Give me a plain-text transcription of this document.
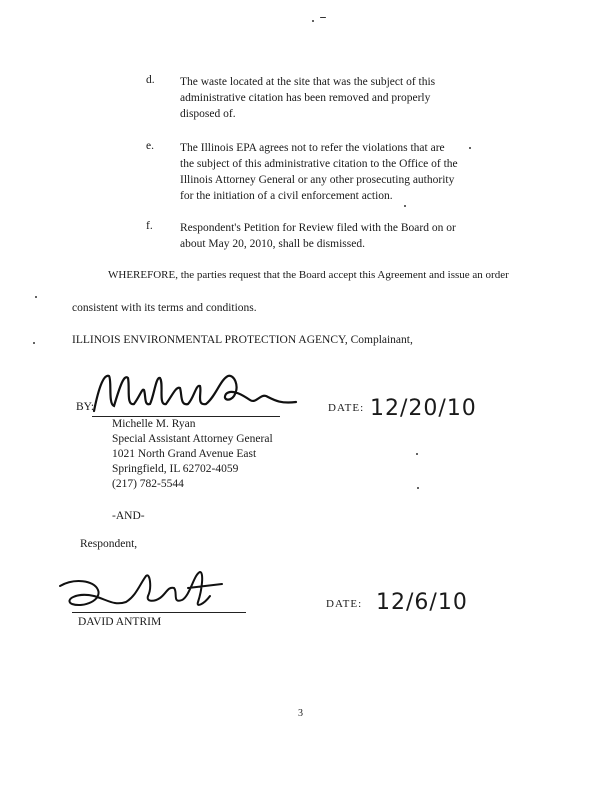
d.	The waste located at the site that was the subject of this
administrative citation has been removed and properly
disposed of.
e.	The Illinois EPA agrees not to refer the violations that are
the subject of this administrative citation to the Office of the
Illinois Attorney General or any other prosecuting authority
for the initiation of a civil enforcement action.
f.	Respondent's Petition for Review filed with the Board on or
about May 20, 2010, shall be dismissed.
WHEREFORE, the parties request that the Board accept this Agreement and issue an order
consistent with its terms and conditions.
ILLINOIS ENVIRONMENTAL PROTECTION AGENCY, Complainant,
BY:	DATE: 12/20/10
Michelle M. Ryan
Special Assistant Attorney General
1021 North Grand Avenue East
Springfield, IL 62702-4059
(217) 782-5544
-AND-
Respondent,
DAVID ANTRIM
DATE: 12/6/10
3
